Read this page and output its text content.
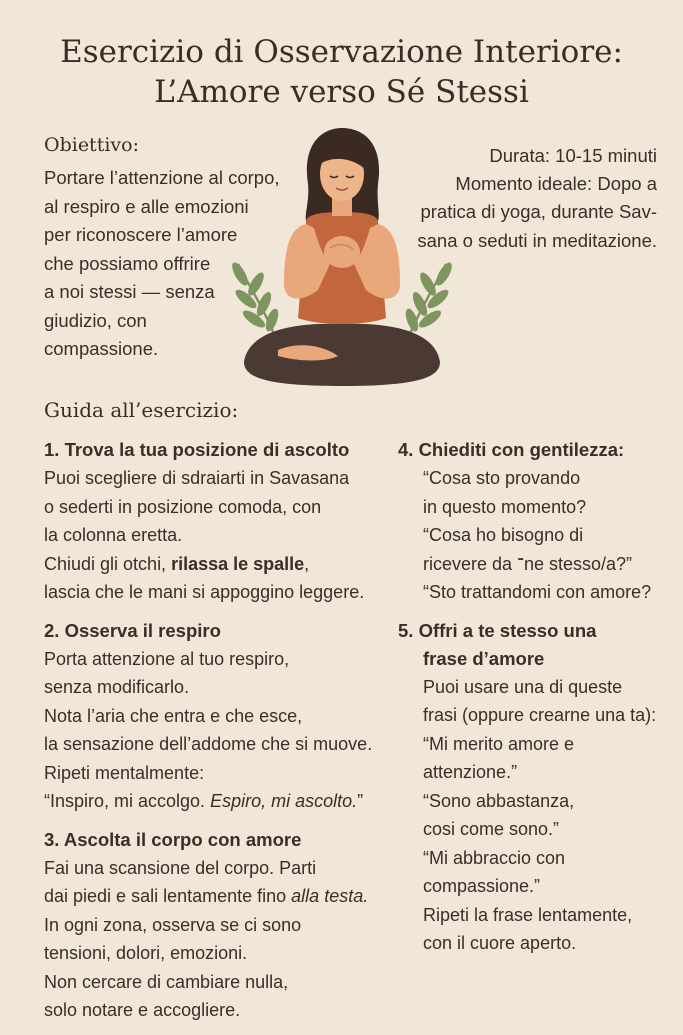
Esercizio di Osservazione Interiore:
L’Amore verso Sé Stessi
Obiettivo:
Portare l’attenzione al corpo,
al respiro e alle emozioni
per riconoscere l’amore
che possiamo offrire
a noi stessi — senza
giudizio, con
compassione.
Durata: 10-15 minuti
Momento ideale: Dopo a
pratica di yoga, durante Sav-
sana o seduti in meditazione.
Guida all’esercizio:
1. Trova la tua posizione di ascolto
Puoi scegliere di sdraiarti in Savasana
o sederti in posizione comoda, con
la colonna eretta.
Chiudi gli otchi, rilassa le spalle,
lascia che le mani si appoggino leggere.
2. Osserva il respiro
Porta attenzione al tuo respiro,
senza modificarlo.
Nota l’aria che entra e che esce,
la sensazione dell’addome che si muove.
Ripeti mentalmente:
“Inspiro, mi accolgo. Espiro, mi ascolto.”
3. Ascolta il corpo con amore
Fai una scansione del corpo. Parti
dai piedi e sali lentamente fino alla testa.
In ogni zona, osserva se ci sono
tensioni, dolori, emozioni.
Non cercare di cambiare nulla,
solo notare e accogliere.
4. Chiediti con gentilezza:
“Cosa sto provando
in questo momento?
“Cosa ho bisogno di
ricevere da ־ne stesso/a?”
“Sto trattandomi con amore?
5. Offri a te stesso una
frase d’amore
Puoi usare una di queste
frasi (oppure crearne una ta):
“Mi merito amore e
attenzione.”
“Sono abbastanza,
cosi come sono.”
“Mi abbraccio con
compassione.”
Ripeti la frase lentamente,
con il cuore aperto.
